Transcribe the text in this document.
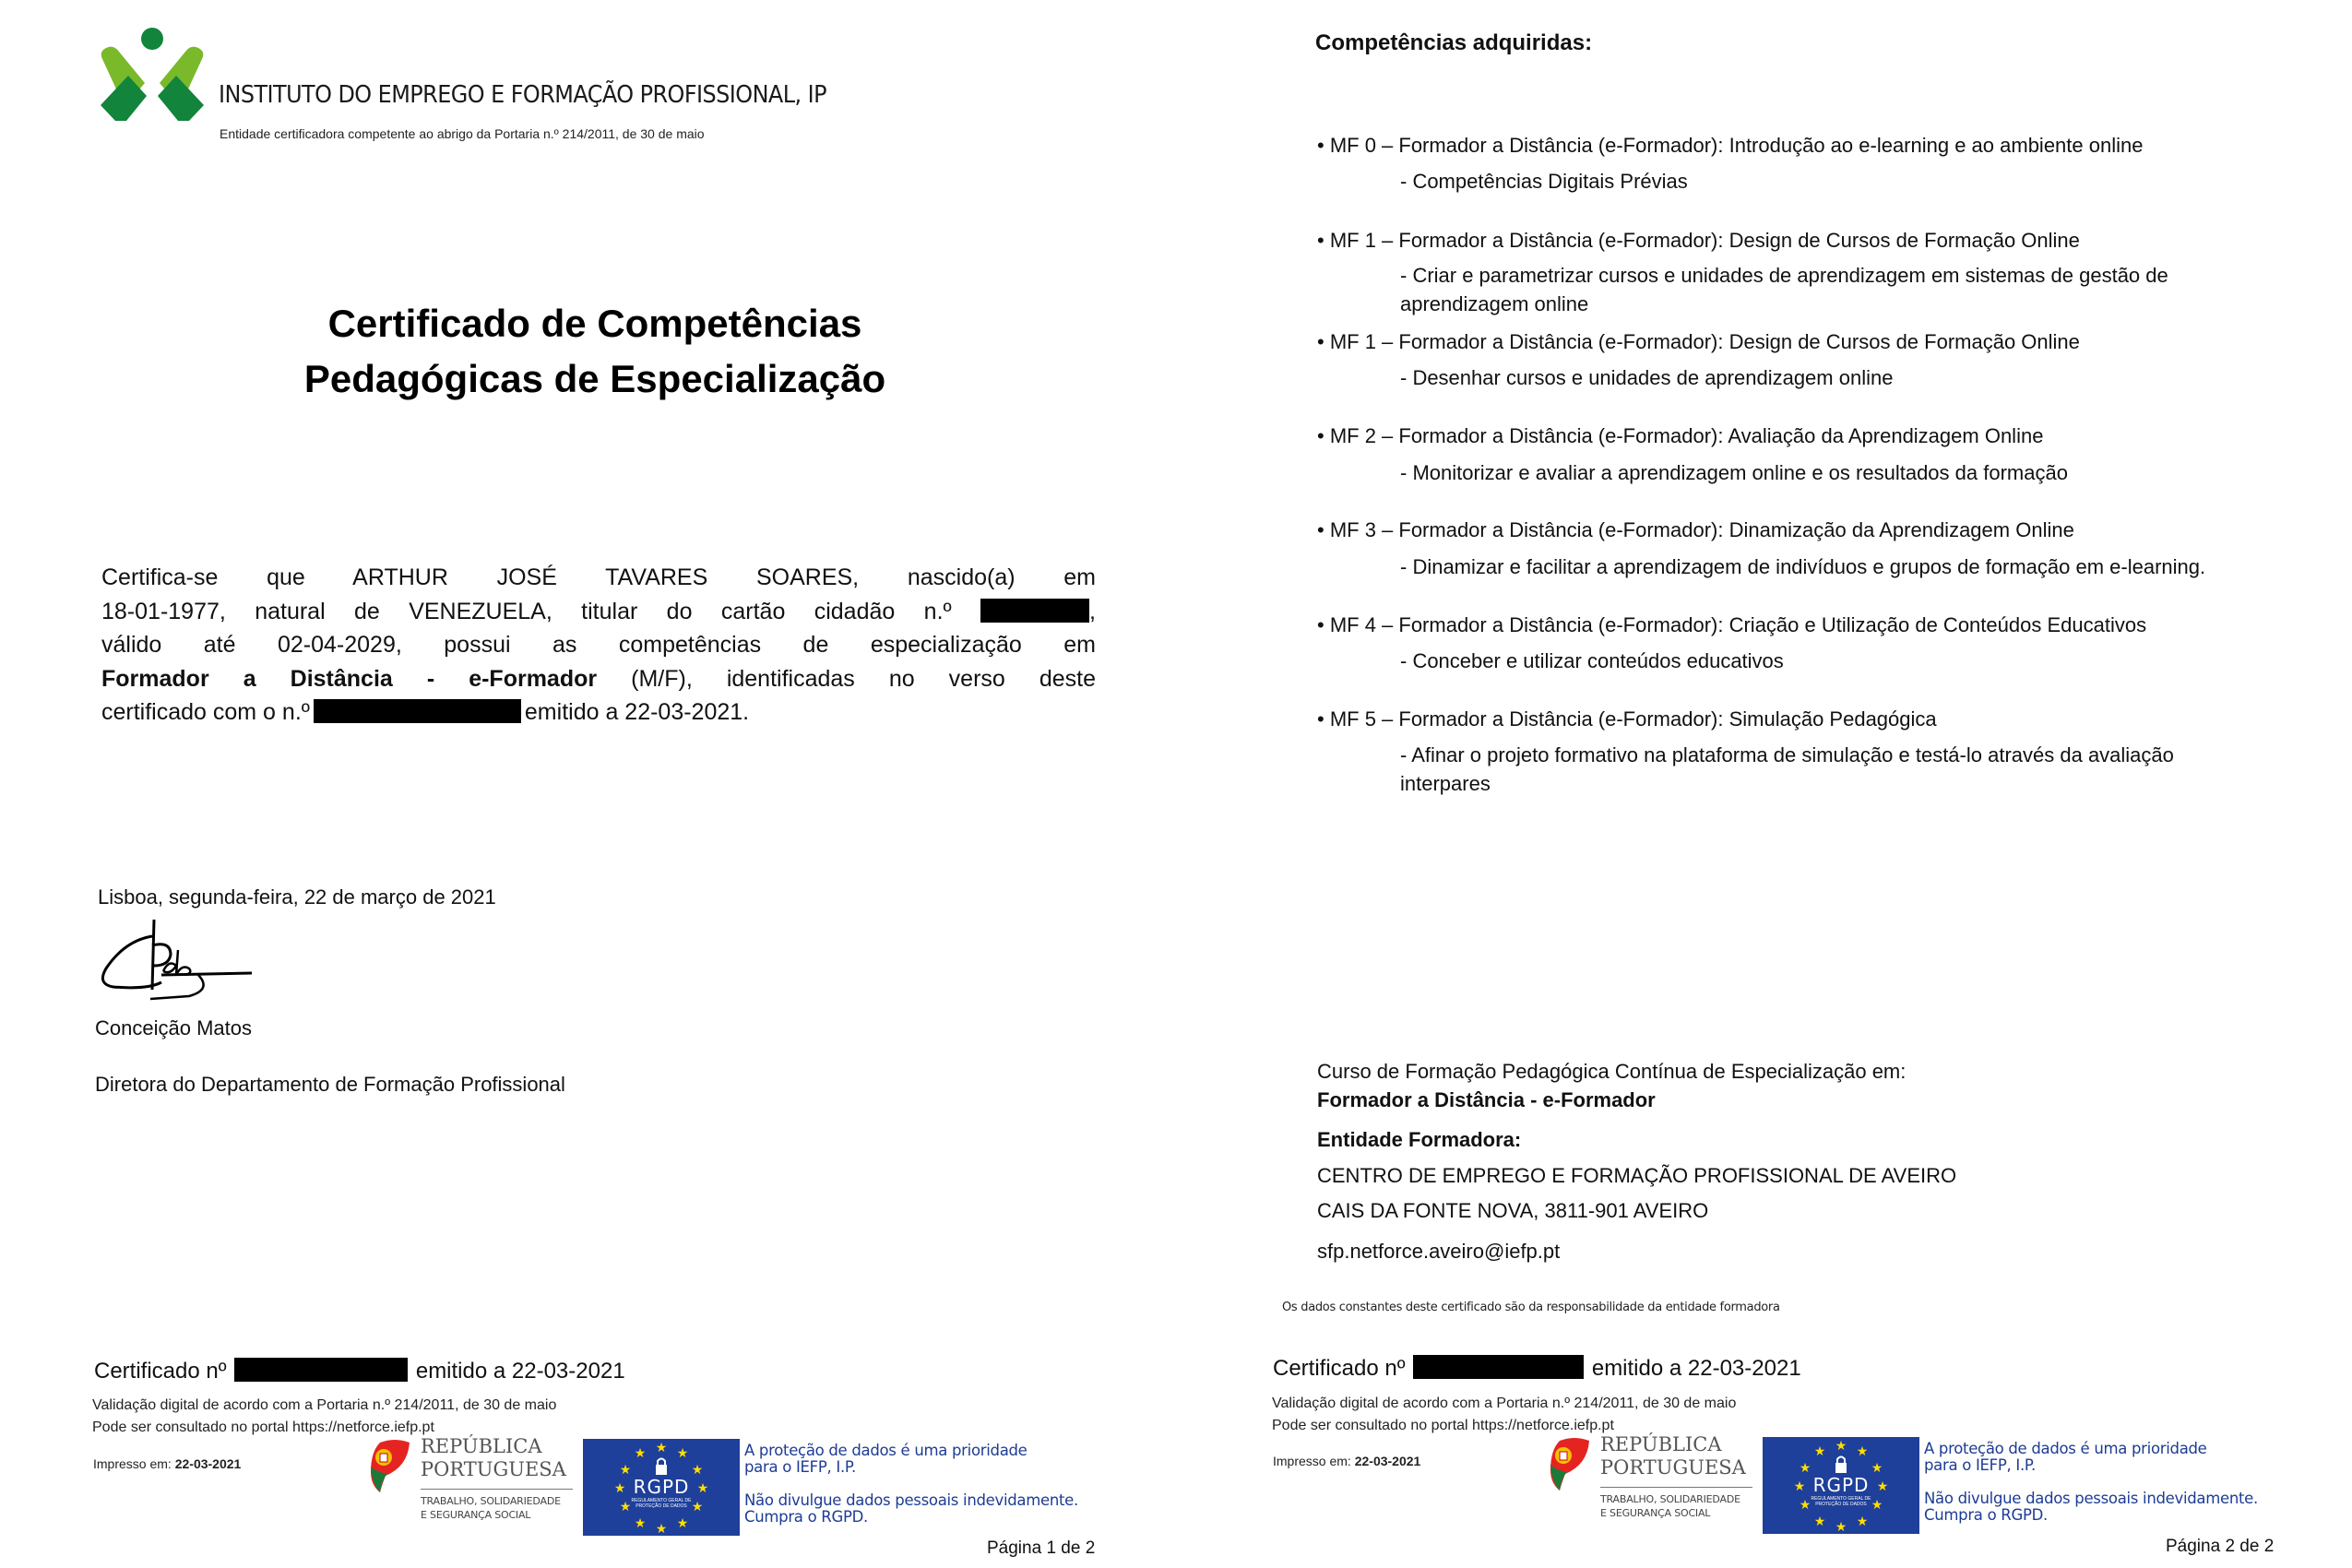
INSTITUTO DO EMPREGO E FORMAÇÃO PROFISSIONAL, IP
Entidade certificadora competente ao abrigo da Portaria n.º 214/2011, de 30 de maio
Certificado de Competências
Pedagógicas de Especialização
Certifica-se que ARTHUR JOSÉ TAVARES SOARES, nascido(a) em
18-01-1977, natural de VENEZUELA, titular do cartão cidadão n.º	,
válido até 02-04-2029, possui as competências de especialização em
Formador a Distância - e-Formador (M/F), identificadas no verso deste
certificado com o n.º	emitido a 22-03-2021.
Lisboa, segunda-feira, 22 de março de 2021
Conceição Matos
Diretora do Departamento de Formação Profissional
Certificado nº	emitido a 22-03-2021
Validação digital de acordo com a Portaria n.º 214/2011, de 30 de maio
Pode ser consultado no portal https://netforce.iefp.pt
Impresso em: 22-03-2021
REPÚBLICA
PORTUGUESA
TRABALHO, SOLIDARIEDADE
E SEGURANÇA SOCIAL
★
★ ★
★	★
★	★
★	★
★ ★
★
RGPD
REGULAMENTO GERAL DE
PROTEÇÃO DE DADOS
A proteção de dados é uma prioridade
para o IEFP, I.P.
Não divulgue dados pessoais indevidamente.
Cumpra o RGPD.
Página 1 de 2
Competências adquiridas:
• MF 0 – Formador a Distância (e-Formador): Introdução ao e-learning e ao ambiente online
- Competências Digitais Prévias
• MF 1 – Formador a Distância (e-Formador): Design de Cursos de Formação Online
- Criar e parametrizar cursos e unidades de aprendizagem em sistemas de gestão de aprendizagem online
• MF 1 – Formador a Distância (e-Formador): Design de Cursos de Formação Online
- Desenhar cursos e unidades de aprendizagem online
• MF 2 – Formador a Distância (e-Formador): Avaliação da Aprendizagem Online
- Monitorizar e avaliar a aprendizagem online e os resultados da formação
• MF 3 – Formador a Distância (e-Formador): Dinamização da Aprendizagem Online
- Dinamizar e facilitar a aprendizagem de indivíduos e grupos de formação em e-learning.
• MF 4 – Formador a Distância (e-Formador): Criação e Utilização de Conteúdos Educativos
- Conceber e utilizar conteúdos educativos
• MF 5 – Formador a Distância (e-Formador): Simulação Pedagógica
- Afinar o projeto formativo na plataforma de simulação e testá-lo através da avaliação interpares
Curso de Formação Pedagógica Contínua de Especialização em:
Formador a Distância - e-Formador
Entidade Formadora:
CENTRO DE EMPREGO E FORMAÇÃO PROFISSIONAL DE AVEIRO
CAIS DA FONTE NOVA, 3811-901 AVEIRO
sfp.netforce.aveiro@iefp.pt
Os dados constantes deste certificado são da responsabilidade da entidade formadora
Certificado nº	emitido a 22-03-2021
Validação digital de acordo com a Portaria n.º 214/2011, de 30 de maio
Pode ser consultado no portal https://netforce.iefp.pt
Impresso em: 22-03-2021
REPÚBLICA
PORTUGUESA
TRABALHO, SOLIDARIEDADE
E SEGURANÇA SOCIAL
★
★ ★
★	★
★	★
★	★
★ ★
★
RGPD
REGULAMENTO GERAL DE
PROTEÇÃO DE DADOS
A proteção de dados é uma prioridade
para o IEFP, I.P.
Não divulgue dados pessoais indevidamente.
Cumpra o RGPD.
Página 2 de 2
